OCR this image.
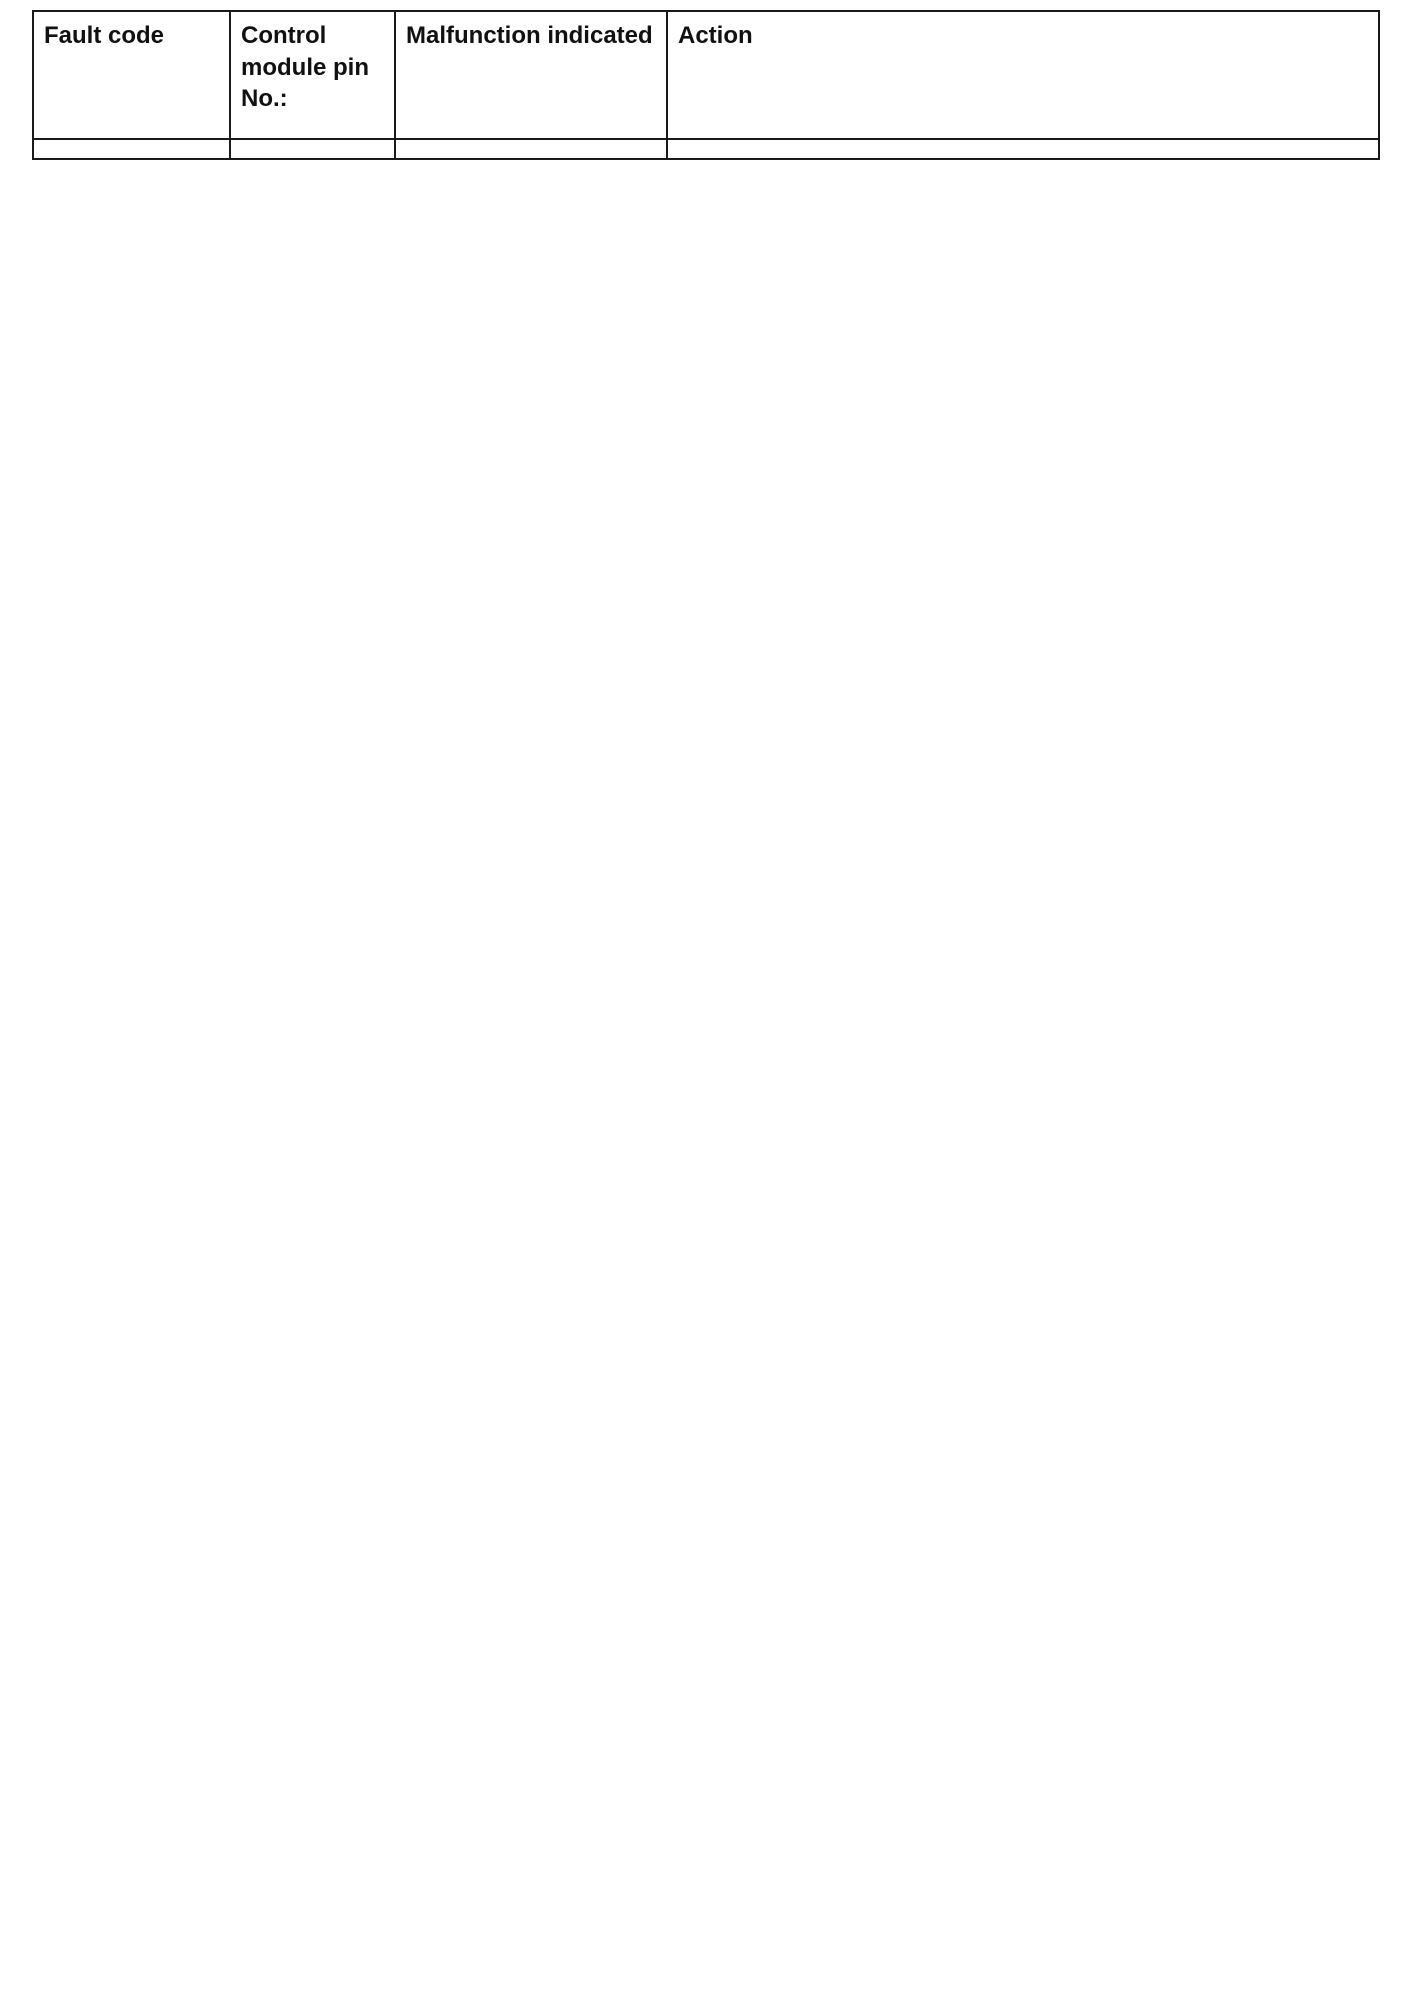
Fault code	Control module pin No.:	Malfunction indicated	Action
